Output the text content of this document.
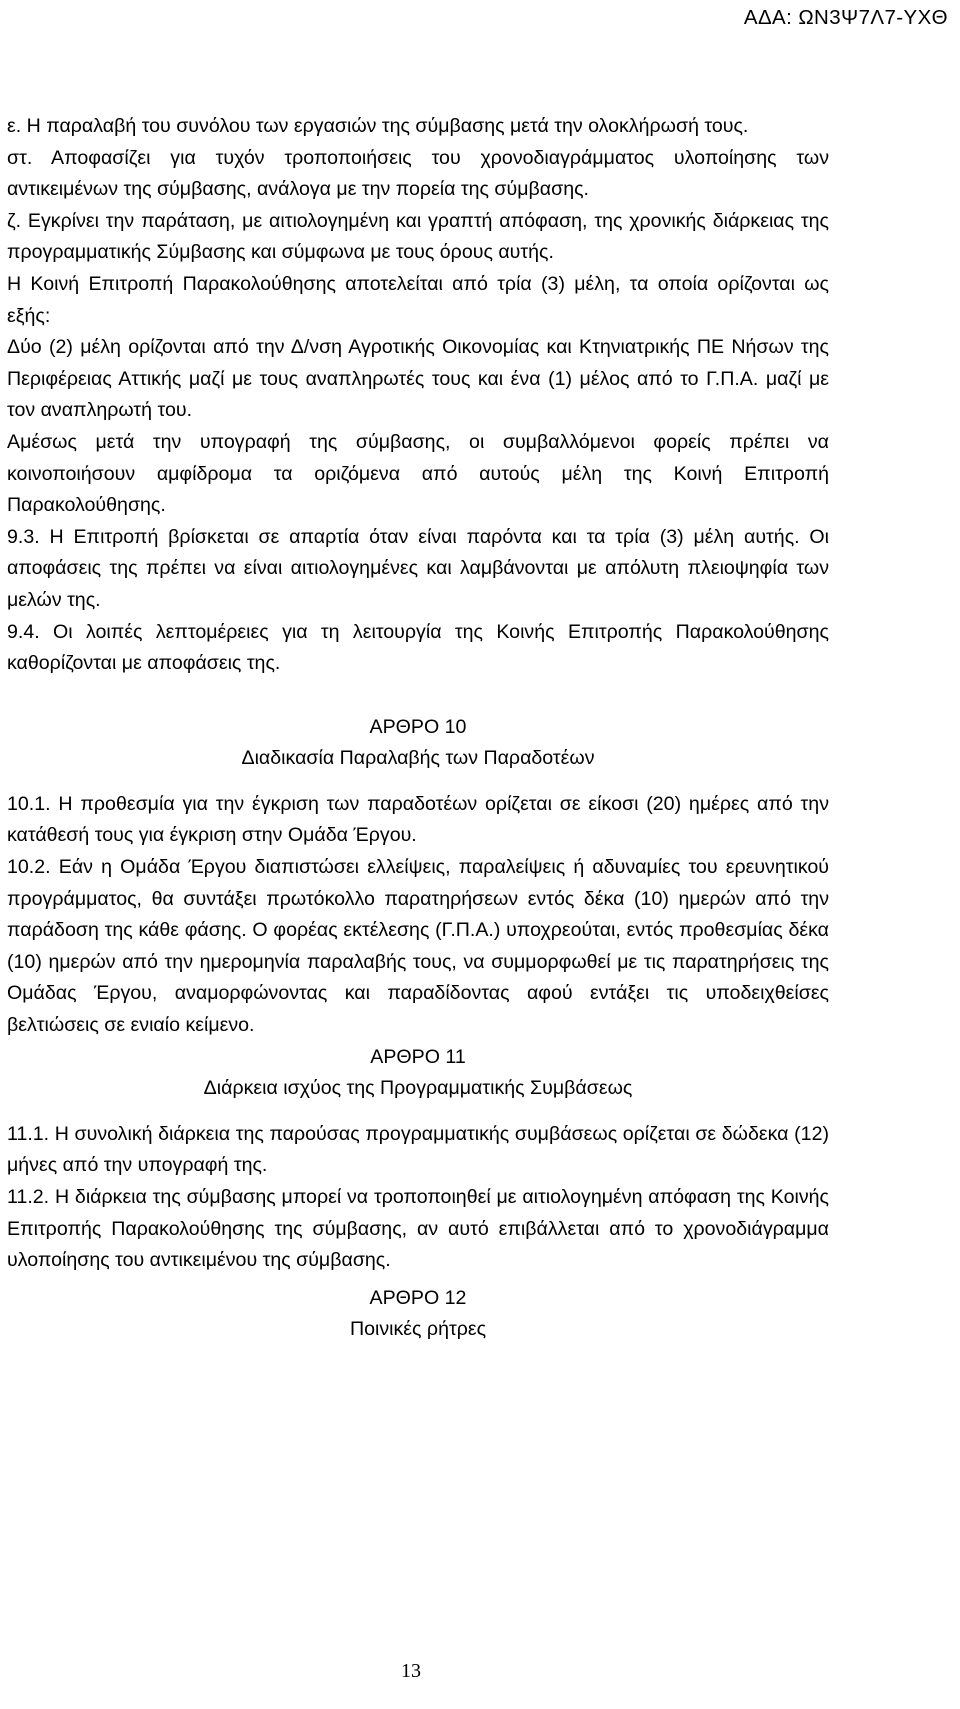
ΑΔΑ: ΩΝ3Ψ7Λ7-ΥΧΘ

ε. Η παραλαβή του συνόλου των εργασιών της σύμβασης μετά την ολοκλήρωσή τους.

στ. Αποφασίζει για τυχόν τροποποιήσεις του χρονοδιαγράμματος υλοποίησης των αντικειμένων της σύμβασης, ανάλογα με την πορεία της σύμβασης.

ζ. Εγκρίνει την παράταση, με αιτιολογημένη και γραπτή απόφαση, της χρονικής διάρκειας της προγραμματικής Σύμβασης και σύμφωνα με τους όρους αυτής.

Η Κοινή Επιτροπή Παρακολούθησης αποτελείται από τρία (3) μέλη, τα οποία ορίζονται ως εξής:

Δύο (2) μέλη ορίζονται από την Δ/νση Αγροτικής Οικονομίας και Κτηνιατρικής ΠΕ Νήσων της Περιφέρειας Αττικής μαζί με τους αναπληρωτές τους και ένα (1) μέλος από το Γ.Π.Α. μαζί με τον αναπληρωτή του.

Αμέσως μετά την υπογραφή της σύμβασης, οι συμβαλλόμενοι φορείς πρέπει να κοινοποιήσουν αμφίδρομα τα οριζόμενα από αυτούς μέλη της Κοινή Επιτροπή Παρακολούθησης.

9.3. Η Επιτροπή βρίσκεται σε απαρτία όταν είναι παρόντα και τα τρία (3) μέλη αυτής. Οι αποφάσεις της πρέπει να είναι αιτιολογημένες και λαμβάνονται με απόλυτη πλειοψηφία των μελών της.

9.4. Οι λοιπές λεπτομέρειες για τη λειτουργία της Κοινής Επιτροπής Παρακολούθησης καθορίζονται με αποφάσεις της.

ΑΡΘΡΟ 10

Διαδικασία Παραλαβής των Παραδοτέων

10.1. Η προθεσμία για την έγκριση των παραδοτέων ορίζεται σε είκοσι (20) ημέρες από την κατάθεσή τους για έγκριση στην Ομάδα Έργου.

10.2. Εάν η Ομάδα Έργου διαπιστώσει ελλείψεις, παραλείψεις ή αδυναμίες του ερευνητικού προγράμματος, θα συντάξει πρωτόκολλο παρατηρήσεων εντός δέκα (10) ημερών από την παράδοση της κάθε φάσης. Ο φορέας εκτέλεσης (Γ.Π.Α.) υποχρεούται, εντός προθεσμίας δέκα (10) ημερών από την ημερομηνία παραλαβής τους, να συμμορφωθεί με τις παρατηρήσεις της Ομάδας Έργου, αναμορφώνοντας και παραδίδοντας αφού εντάξει τις υποδειχθείσες βελτιώσεις σε ενιαίο κείμενο.

ΑΡΘΡΟ 11

Διάρκεια ισχύος της Προγραμματικής Συμβάσεως

11.1. Η συνολική διάρκεια της παρούσας προγραμματικής συμβάσεως ορίζεται σε δώδεκα (12) μήνες από την υπογραφή της.

11.2. Η διάρκεια της σύμβασης μπορεί να τροποποιηθεί με αιτιολογημένη απόφαση της Κοινής Επιτροπής Παρακολούθησης της σύμβασης, αν αυτό επιβάλλεται από το χρονοδιάγραμμα υλοποίησης του αντικειμένου της σύμβασης.

ΑΡΘΡΟ 12

Ποινικές ρήτρες

13
